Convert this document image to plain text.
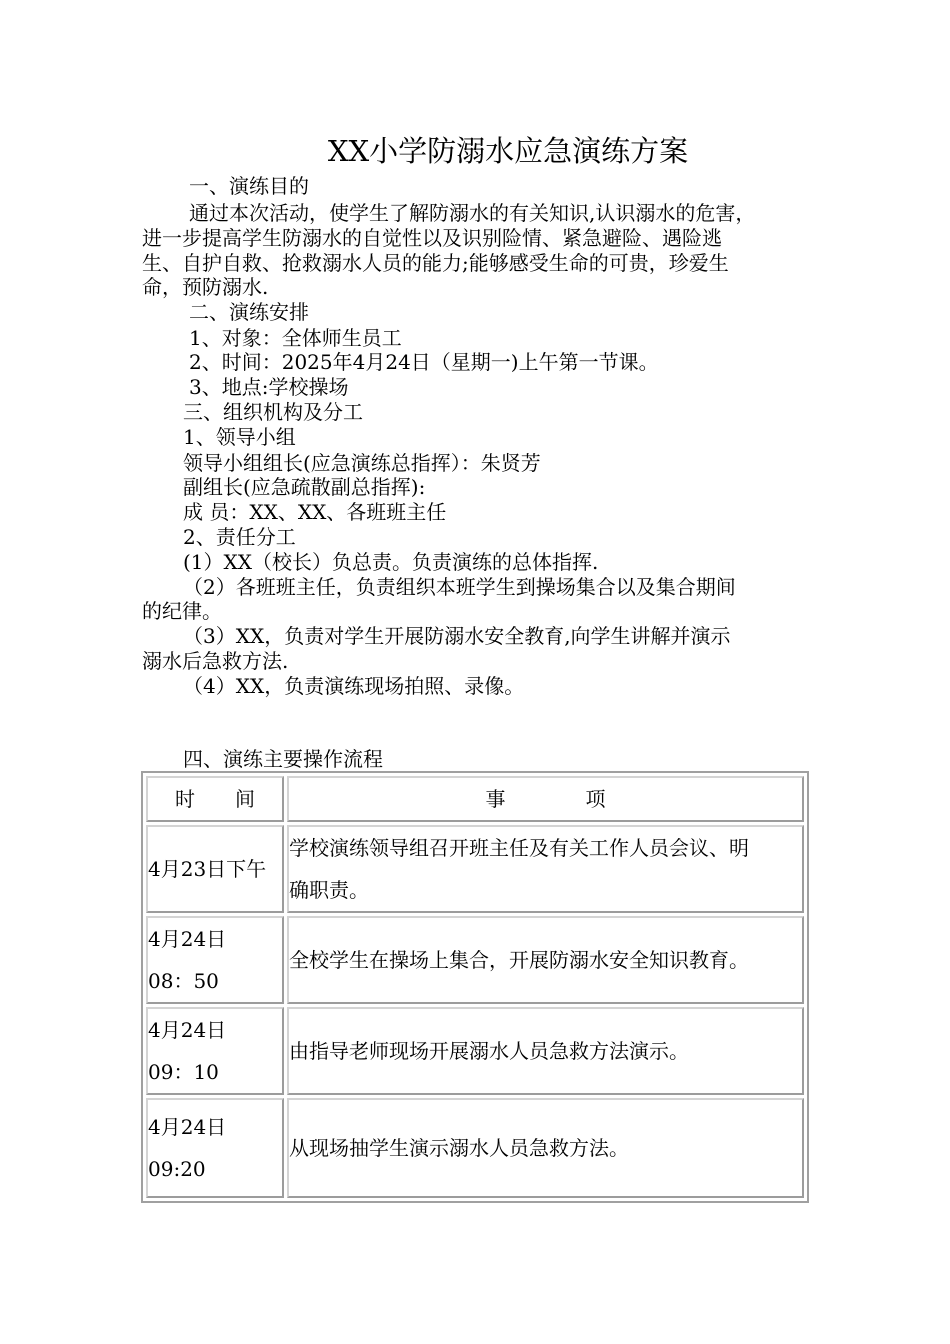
XX小学防溺水应急演练方案
一、演练目的
通过本次活动，使学生了解防溺水的有关知识,认识溺水的危害，
进一步提高学生防溺水的自觉性以及识别险情、紧急避险、遇险逃
生、自护自救、抢救溺水人员的能力;能够感受生命的可贵，珍爱生
命，预防溺水.
二、演练安排
1、对象：全体师生员工
2、时间：2025年4月24日（星期一)上午第一节课。
3、地点:学校操场
三、组织机构及分工
1、领导小组
领导小组组长(应急演练总指挥）：朱贤芳
副组长(应急疏散副总指挥):
成 员：XX、XX、各班班主任
2、责任分工
(1）XX（校长）负总责。负责演练的总体指挥.
（2）各班班主任，负责组织本班学生到操场集合以及集合期间
的纪律。
（3）XX，负责对学生开展防溺水安全教育,向学生讲解并演示
溺水后急救方法.
（4）XX，负责演练现场拍照、录像。
四、演练主要操作流程
时　　间	事　　　　项

4月23日下午	学校演练领导组召开班主任及有关工作人员会议、明
确职责。

4月24日
08：50	全校学生在操场上集合，开展防溺水安全知识教育。

4月24日
09：10	由指导老师现场开展溺水人员急救方法演示。

4月24日
09:20	从现场抽学生演示溺水人员急救方法。
